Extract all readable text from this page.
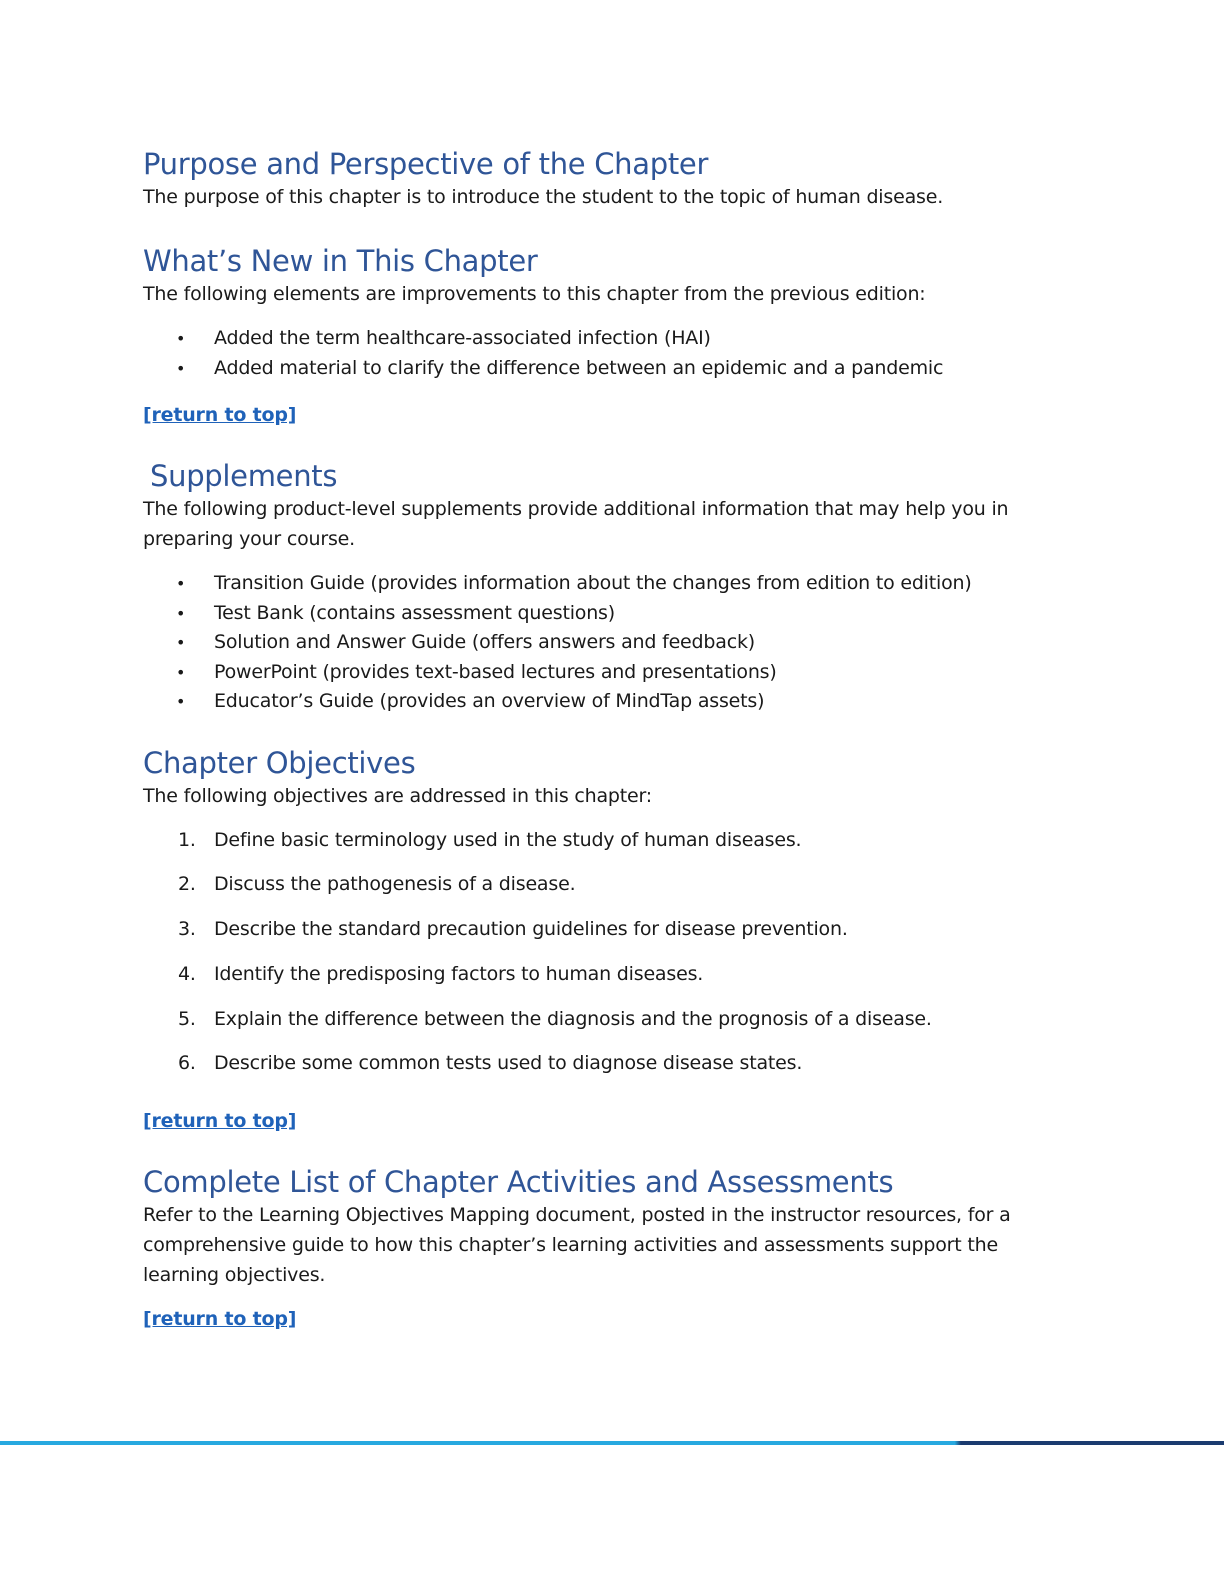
Purpose and Perspective of the Chapter

The purpose of this chapter is to introduce the student to the topic of human disease.

What’s New in This Chapter

The following elements are improvements to this chapter from the previous edition:

• Added the term healthcare-associated infection (HAI)
• Added material to clarify the difference between an epidemic and a pandemic
[return to top]
Supplements

The following product-level supplements provide additional information that may help you in preparing your course.

• Transition Guide (provides information about the changes from edition to edition)
• Test Bank (contains assessment questions)
• Solution and Answer Guide (offers answers and feedback)
• PowerPoint (provides text-based lectures and presentations)
• Educator’s Guide (provides an overview of MindTap assets)
Chapter Objectives

The following objectives are addressed in this chapter:

1. Define basic terminology used in the study of human diseases.
2. Discuss the pathogenesis of a disease.
3. Describe the standard precaution guidelines for disease prevention.
4. Identify the predisposing factors to human diseases.
5. Explain the difference between the diagnosis and the prognosis of a disease.
6. Describe some common tests used to diagnose disease states.
[return to top]
Complete List of Chapter Activities and Assessments

Refer to the Learning Objectives Mapping document, posted in the instructor resources, for a comprehensive guide to how this chapter’s learning activities and assessments support the learning objectives.

[return to top]
